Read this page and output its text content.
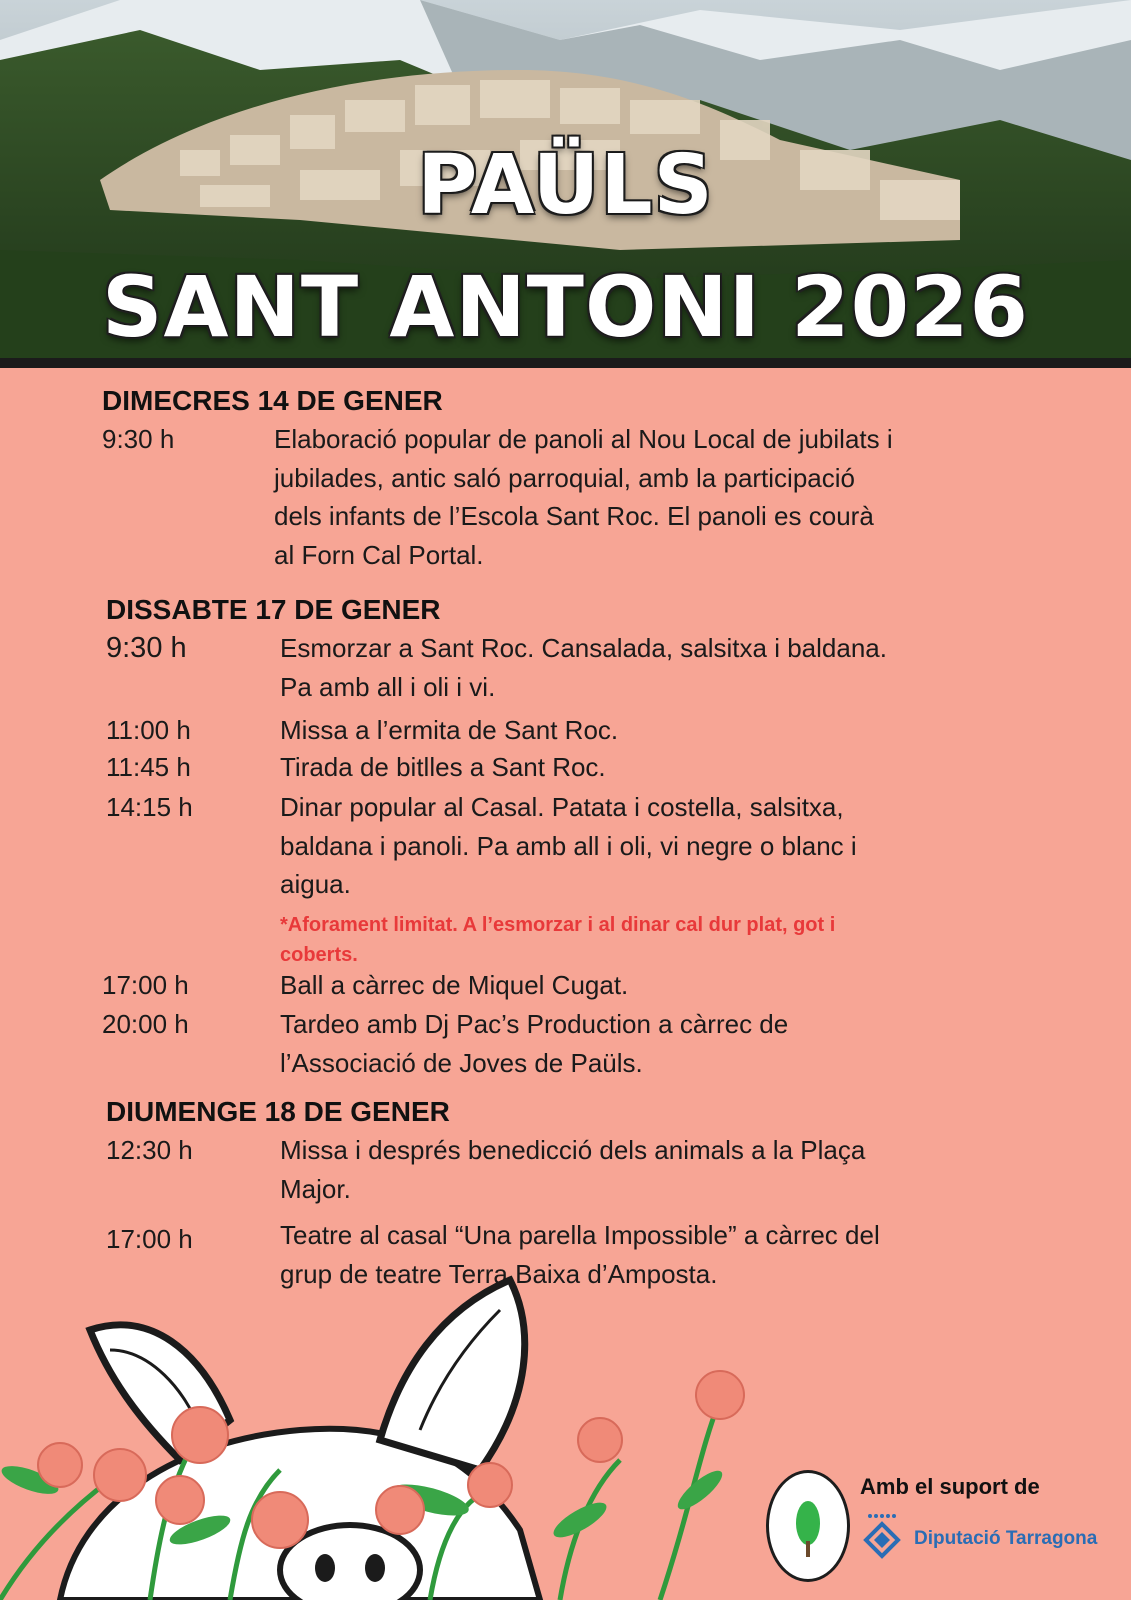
PAÜLS
SANT ANTONI 2026
DIMECRES 14 DE GENER
9:30 h	Elaboració popular de panoli al Nou Local de jubilats i
jubilades, antic saló parroquial, amb la participació
dels infants de l’Escola Sant Roc. El panoli es courà
al Forn Cal Portal.
DISSABTE 17 DE GENER
9:30 h	Esmorzar a Sant Roc. Cansalada, salsitxa i baldana.
Pa amb all i oli i vi.
11:00 h	Missa a l’ermita de Sant Roc.
11:45 h	Tirada de bitlles a Sant Roc.
14:15 h	Dinar popular al Casal. Patata i costella, salsitxa,
baldana i panoli. Pa amb all i oli, vi negre o blanc i
aigua.
*Aforament limitat. A l’esmorzar i al dinar cal dur plat, got i
coberts.
17:00 h	Ball a càrrec de Miquel Cugat.
20:00 h	Tardeo amb Dj Pac’s Production a càrrec de
l’Associació de Joves de Paüls.
DIUMENGE 18 DE GENER
12:30 h	Missa i després benedicció dels animals a la Plaça
Major.
17:00 h	Teatre al casal “Una parella Impossible” a càrrec del
grup de teatre Terra Baixa d’Amposta.
Amb el suport de
Diputació Tarragona
